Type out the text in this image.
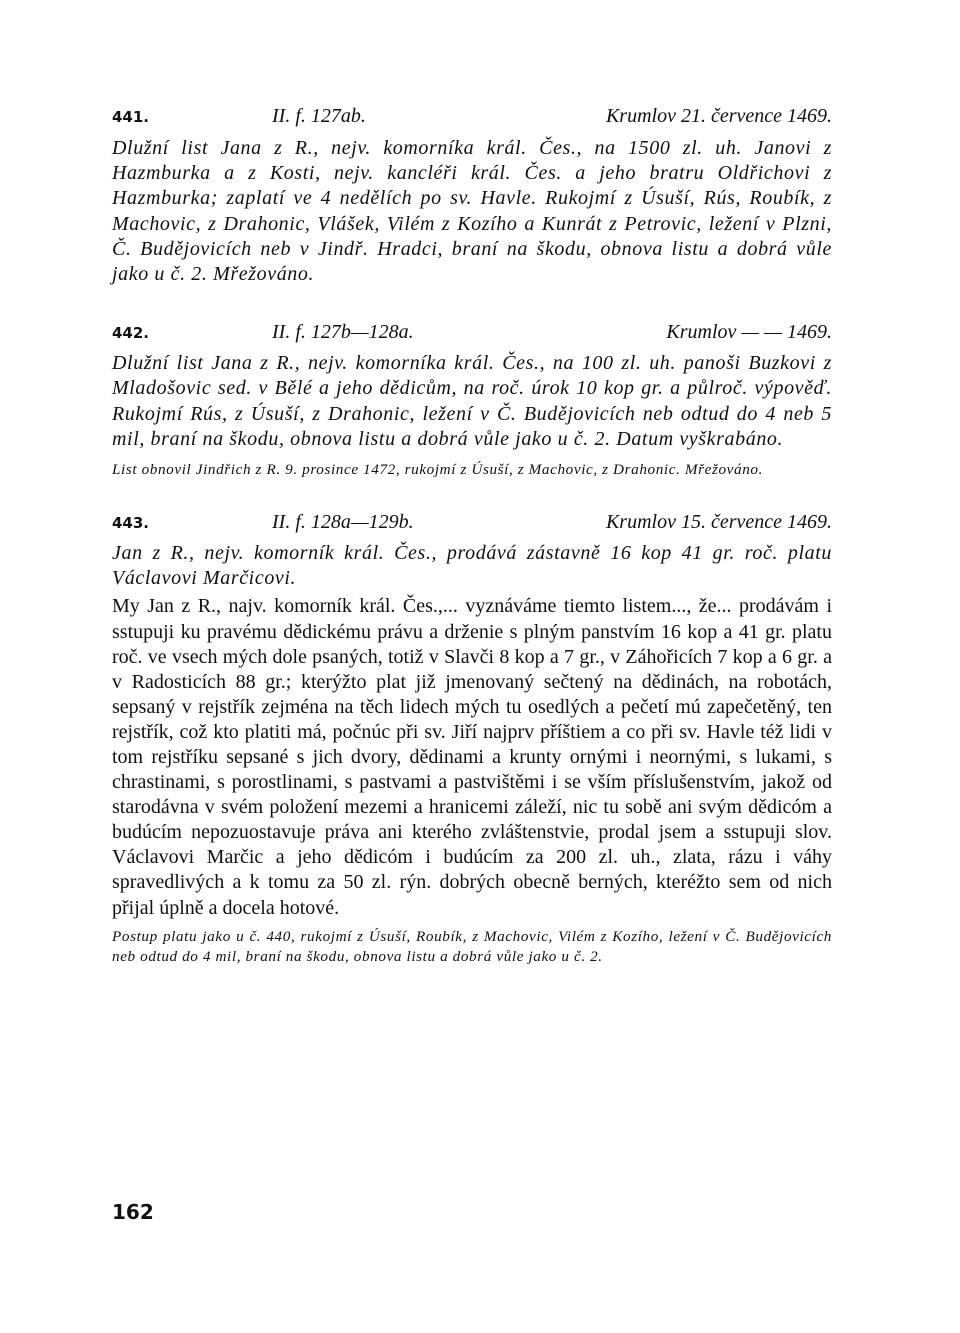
441.	II. f. 127ab.	Krumlov 21. července 1469.

Dlužní list Jana z R., nejv. komorníka král. Čes., na 1500 zl. uh. Janovi z Hazmburka a z Kosti, nejv. kancléři král. Čes. a jeho bratru Oldřichovi z Hazmburka; zaplatí ve 4 nedělích po sv. Havle. Rukojmí z Úsuší, Rús, Roubík, z Machovic, z Drahonic, Vlášek, Vilém z Kozího a Kunrát z Petrovic, ležení v Plzni, Č. Budějovicích neb v Jindř. Hradci, braní na škodu, obnova listu a dobrá vůle jako u č. 2. Mřežováno.

442.	II. f. 127b—128a.	Krumlov — — 1469.

Dlužní list Jana z R., nejv. komorníka král. Čes., na 100 zl. uh. panoši Buzkovi z Mladošovic sed. v Bělé a jeho dědicům, na roč. úrok 10 kop gr. a půlroč. výpověď. Rukojmí Rús, z Úsuší, z Drahonic, ležení v Č. Budějovicích neb odtud do 4 neb 5 mil, braní na škodu, obnova listu a dobrá vůle jako u č. 2. Datum vyškrabáno.

List obnovil Jindřich z R. 9. prosince 1472, rukojmí z Úsuší, z Machovic, z Drahonic. Mřežováno.

443.	II. f. 128a—129b.	Krumlov 15. července 1469.

Jan z R., nejv. komorník král. Čes., prodává zástavně 16 kop 41 gr. roč. platu Václavovi Marčicovi.

My Jan z R., najv. komorník král. Čes.,... vyznáváme tiemto listem..., že... prodávám i sstupuji ku pravému dědickému právu a drženie s plným panstvím 16 kop a 41 gr. platu roč. ve vsech mých dole psaných, totiž v Slavči 8 kop a 7 gr., v Záhořicích 7 kop a 6 gr. a v Radosticích 88 gr.; kterýžto plat již jmenovaný sečtený na dědinách, na robotách, sepsaný v rejstřík zejména na těch lidech mých tu osedlých a pečetí mú zapečetěný, ten rejstřík, což kto platiti má, počnúc při sv. Jiří najprv příštiem a co při sv. Havle též lidi v tom rejstříku sepsané s jich dvory, dědinami a krunty ornými i neornými, s lukami, s chrastinami, s porostlinami, s pastvami a pastvištěmi i se vším příslušenstvím, jakož od starodávna v svém položení mezemi a hranicemi záleží, nic tu sobě ani svým dědicóm a budúcím nepozuostavuje práva ani kterého zvláštenstvie, prodal jsem a sstupuji slov. Václavovi Marčic a jeho dědicóm i budúcím za 200 zl. uh., zlata, rázu i váhy spravedlivých a k tomu za 50 zl. rýn. dobrých obecně berných, kteréžto sem od nich přijal úplně a docela hotové.

Postup platu jako u č. 440, rukojmí z Úsuší, Roubík, z Machovic, Vilém z Kozího, ležení v Č. Budějovicích neb odtud do 4 mil, braní na škodu, obnova listu a dobrá vůle jako u č. 2.

162
